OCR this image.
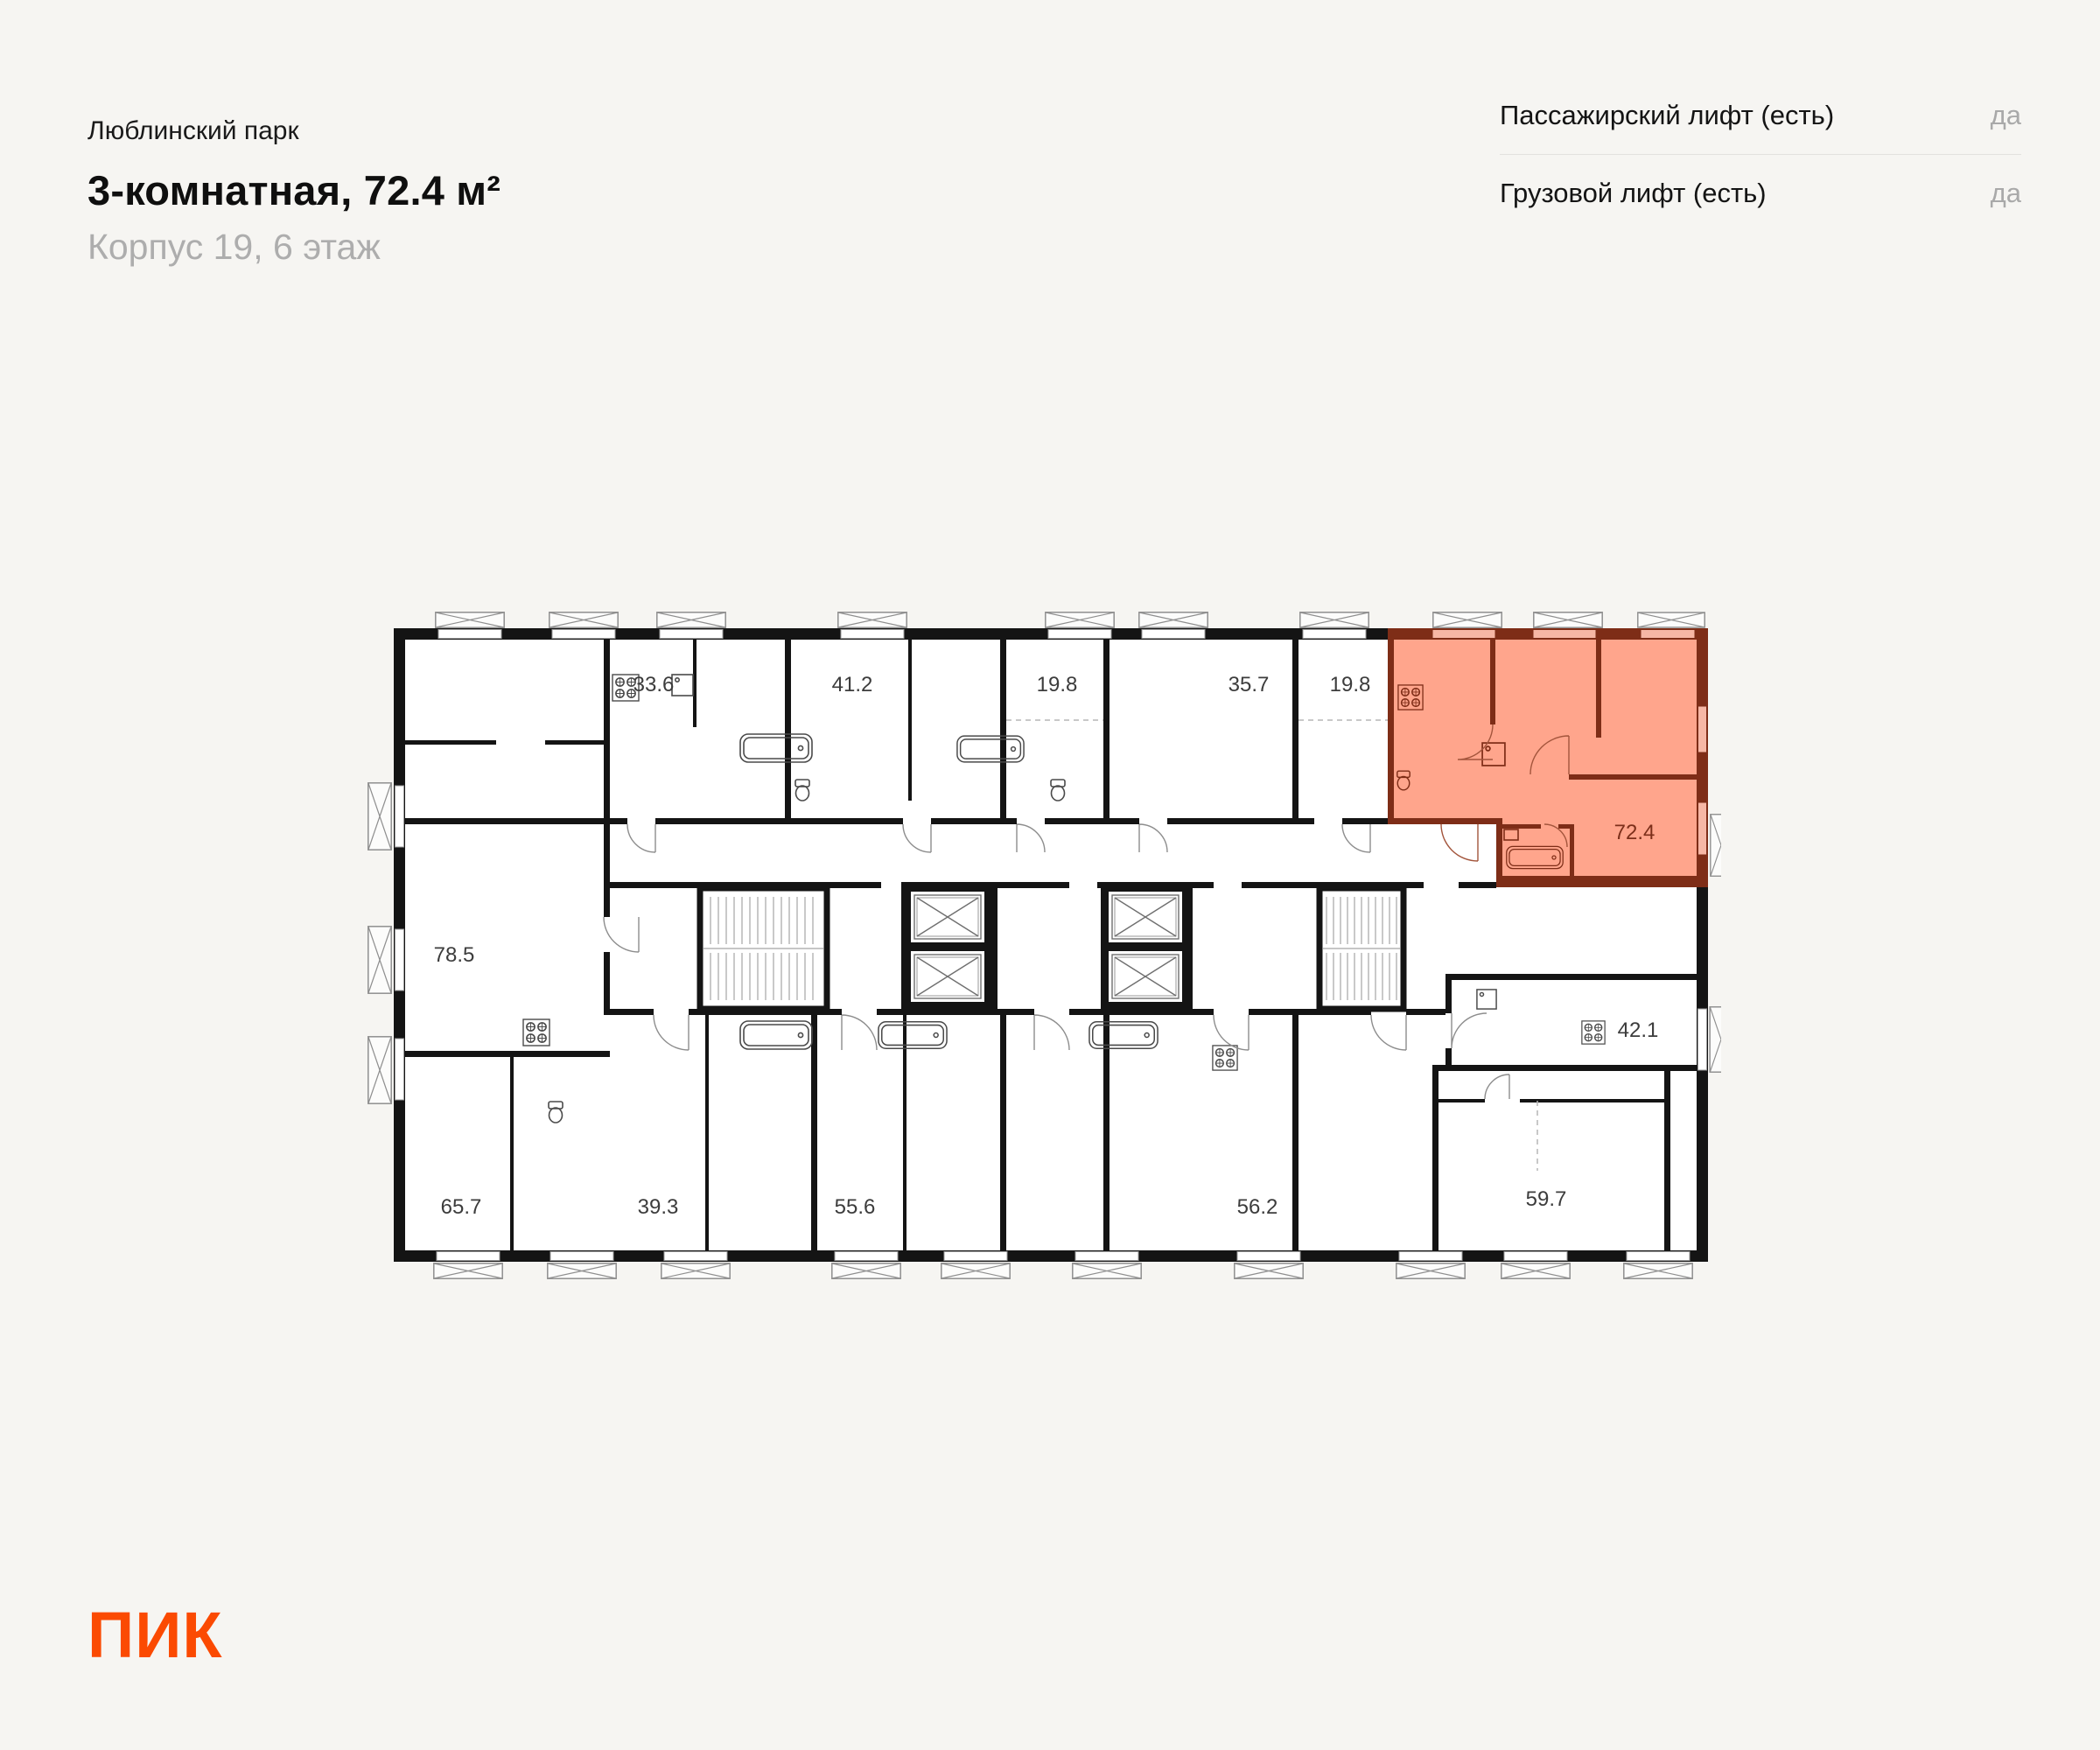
Люблинский парк
3-комнатная, 72.4 м²
Корпус 19, 6 этаж
Пассажирский лифт (есть)	да
Грузовой лифт (есть)	да
33.6	41.2	19.8	35.7	19.8
72.4
78.5
65.7	39.3	55.6	56.2	59.7
42.1
ПИК
